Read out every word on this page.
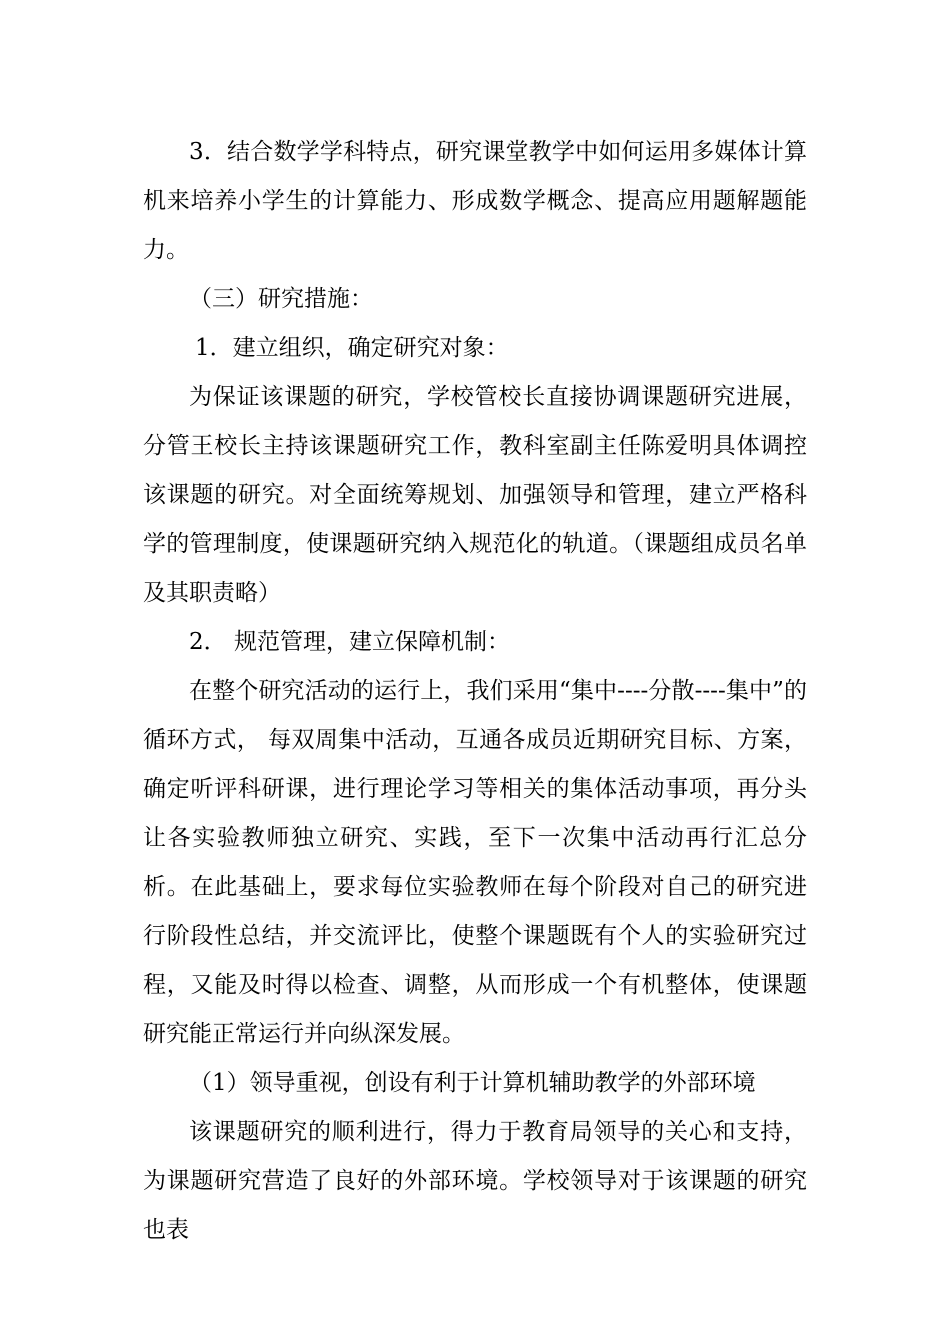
3．结合数学学科特点，研究课堂教学中如何运用多媒体计算机来培养小学生的计算能力、形成数学概念、提高应用题解题能力。

（三）研究措施：

1．建立组织，确定研究对象：

为保证该课题的研究，学校管校长直接协调课题研究进展，分管王校长主持该课题研究工作，教科室副主任陈爱明具体调控该课题的研究。对全面统筹规划、加强领导和管理，建立严格科学的管理制度，使课题研究纳入规范化的轨道。（课题组成员名单及其职责略）

2． 规范管理，建立保障机制：

在整个研究活动的运行上，我们采用“集中----分散----集中”的循环方式， 每双周集中活动，互通各成员近期研究目标、方案，确定听评科研课，进行理论学习等相关的集体活动事项，再分头让各实验教师独立研究、实践，至下一次集中活动再行汇总分析。在此基础上，要求每位实验教师在每个阶段对自己的研究进行阶段性总结，并交流评比，使整个课题既有个人的实验研究过程，又能及时得以检查、调整，从而形成一个有机整体，使课题研究能正常运行并向纵深发展。

（1）领导重视，创设有利于计算机辅助教学的外部环境

该课题研究的顺利进行，得力于教育局领导的关心和支持，为课题研究营造了良好的外部环境。学校领导对于该课题的研究也表
